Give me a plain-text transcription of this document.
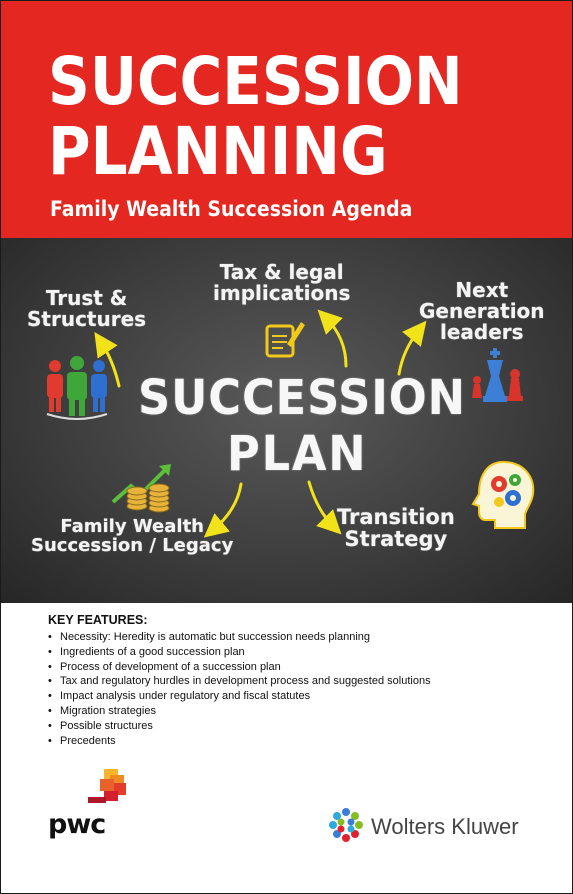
SUCCESSION
PLANNING
Family Wealth Succession Agenda
Trust &
Structures
Tax & legal
implications	Next
Generation
leaders
Family Wealth
Succession / Legacy
Transition
Strategy
SUCCESSION
PLAN
KEY FEATURES:
• Necessity: Heredity is automatic but succession needs planning
• Ingredients of a good succession plan
• Process of development of a succession plan
• Tax and regulatory hurdles in development process and suggested solutions
• Impact analysis under regulatory and fiscal statutes
• Migration strategies
• Possible structures
• Precedents
pwc	Wolters Kluwer
